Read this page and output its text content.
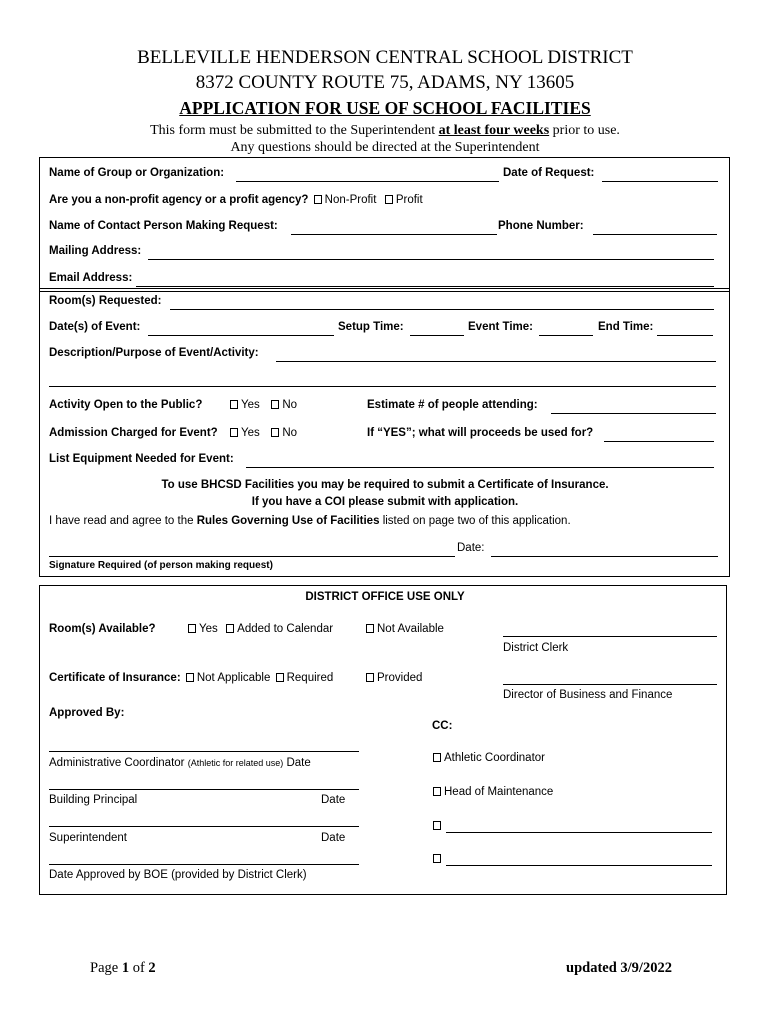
BELLEVILLE HENDERSON CENTRAL SCHOOL DISTRICT
8372 COUNTY ROUTE 75, ADAMS, NY 13605
APPLICATION FOR USE OF SCHOOL FACILITIES
This form must be submitted to the Superintendent at least four weeks prior to use.
Any questions should be directed at the Superintendent
Name of Group or Organization:	Date of Request:
Are you a non-profit agency or a profit agency? Non-Profit Profit
Name of Contact Person Making Request:	Phone Number:
Mailing Address:
Email Address:
Room(s) Requested:
Date(s) of Event:	Setup Time:	Event Time:	End Time:
Description/Purpose of Event/Activity:
Activity Open to the Public?	Yes No	Estimate # of people attending:
Admission Charged for Event?	Yes No	If “YES”; what will proceeds be used for?
List Equipment Needed for Event:
To use BHCSD Facilities you may be required to submit a Certificate of Insurance.
If you have a COI please submit with application.
I have read and agree to the Rules Governing Use of Facilities listed on page two of this application.
Date:
Signature Required (of person making request)
DISTRICT OFFICE USE ONLY
Room(s) Available?	Yes Added to Calendar	Not Available
District Clerk
Certificate of Insurance: Not Applicable Required	Provided
Director of Business and Finance
Approved By:
CC:
Administrative Coordinator (Athletic for related use) Date	Athletic Coordinator
Building Principal	Date
Head of Maintenance
Superintendent	Date
Date Approved by BOE (provided by District Clerk)
Page 1 of 2	updated 3/9/2022
